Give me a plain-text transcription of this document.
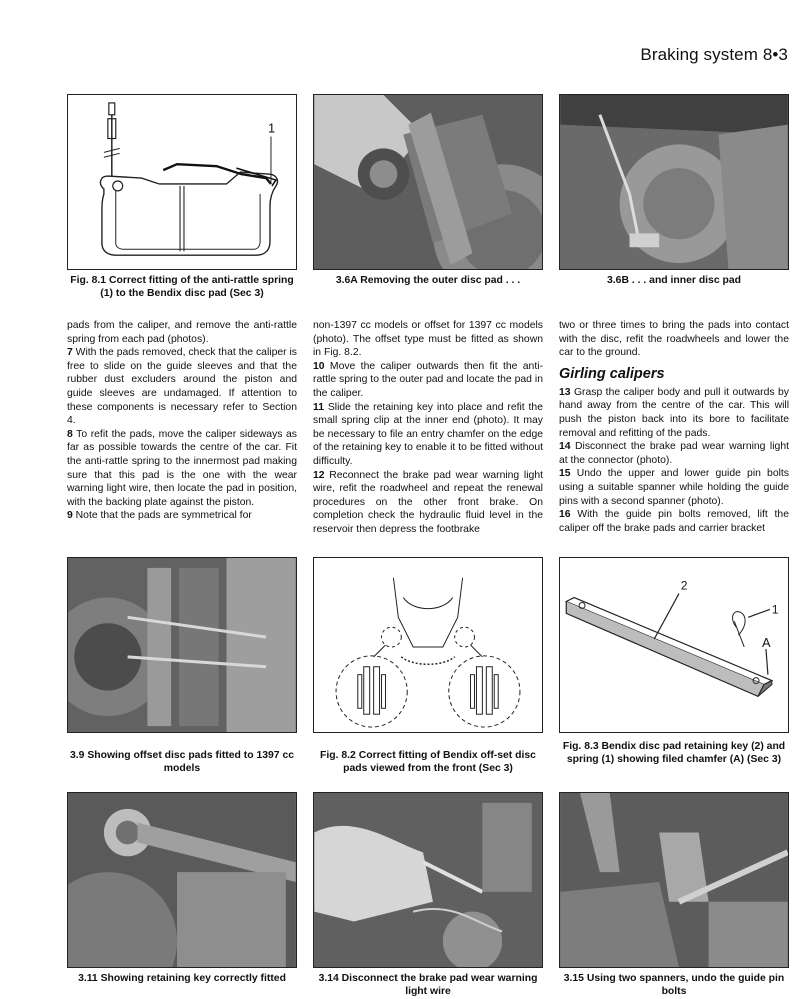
Braking system 8•3
1
Fig. 8.1 Correct fitting of the anti-rattle spring (1) to the Bendix disc pad (Sec 3)
3.6A Removing the outer disc pad . . .	3.6B . . . and inner disc pad

pads from the caliper, and remove the anti-rattle spring from each pad (photos).

7 With the pads removed, check that the caliper is free to slide on the guide sleeves and that the rubber dust excluders around the piston and guide sleeves are undamaged. If attention to these components is necessary refer to Section 4.

8 To refit the pads, move the caliper sideways as far as possible towards the centre of the car. Fit the anti-rattle spring to the innermost pad making sure that this pad is the one with the wear warning light wire, then locate the pad in position, with the backing plate against the piston.

9 Note that the pads are symmetrical for

non-1397 cc models or offset for 1397 cc models (photo). The offset type must be fitted as shown in Fig. 8.2.

10 Move the caliper outwards then fit the anti-rattle spring to the outer pad and locate the pad in the caliper.

11 Slide the retaining key into place and refit the small spring clip at the inner end (photo). It may be necessary to file an entry chamfer on the edge of the retaining key to enable it to be fitted without difficulty.

12 Reconnect the brake pad wear warning light wire, refit the roadwheel and repeat the renewal procedures on the other front brake. On completion check the hydraulic fluid level in the reservoir then depress the footbrake

two or three times to bring the pads into contact with the disc, refit the roadwheels and lower the car to the ground.

Girling calipers

13 Grasp the caliper body and pull it outwards by hand away from the centre of the car. This will push the piston back into its bore to facilitate removal and refitting of the pads.

14 Disconnect the brake pad wear warning light at the connector (photo).

15 Undo the upper and lower guide pin bolts using a suitable spanner while holding the guide pins with a second spanner (photo).

16 With the guide pin bolts removed, lift the caliper off the brake pads and carrier bracket

2
1
A
3.9 Showing offset disc pads fitted to 1397 cc models
Fig. 8.2 Correct fitting of Bendix off-set disc pads viewed from the front (Sec 3)
Fig. 8.3 Bendix disc pad retaining key (2) and spring (1) showing filed chamfer (A) (Sec 3)
3.11 Showing retaining key correctly fitted	3.14 Disconnect the brake pad wear warning light wire
3.15 Using two spanners, undo the guide pin bolts
